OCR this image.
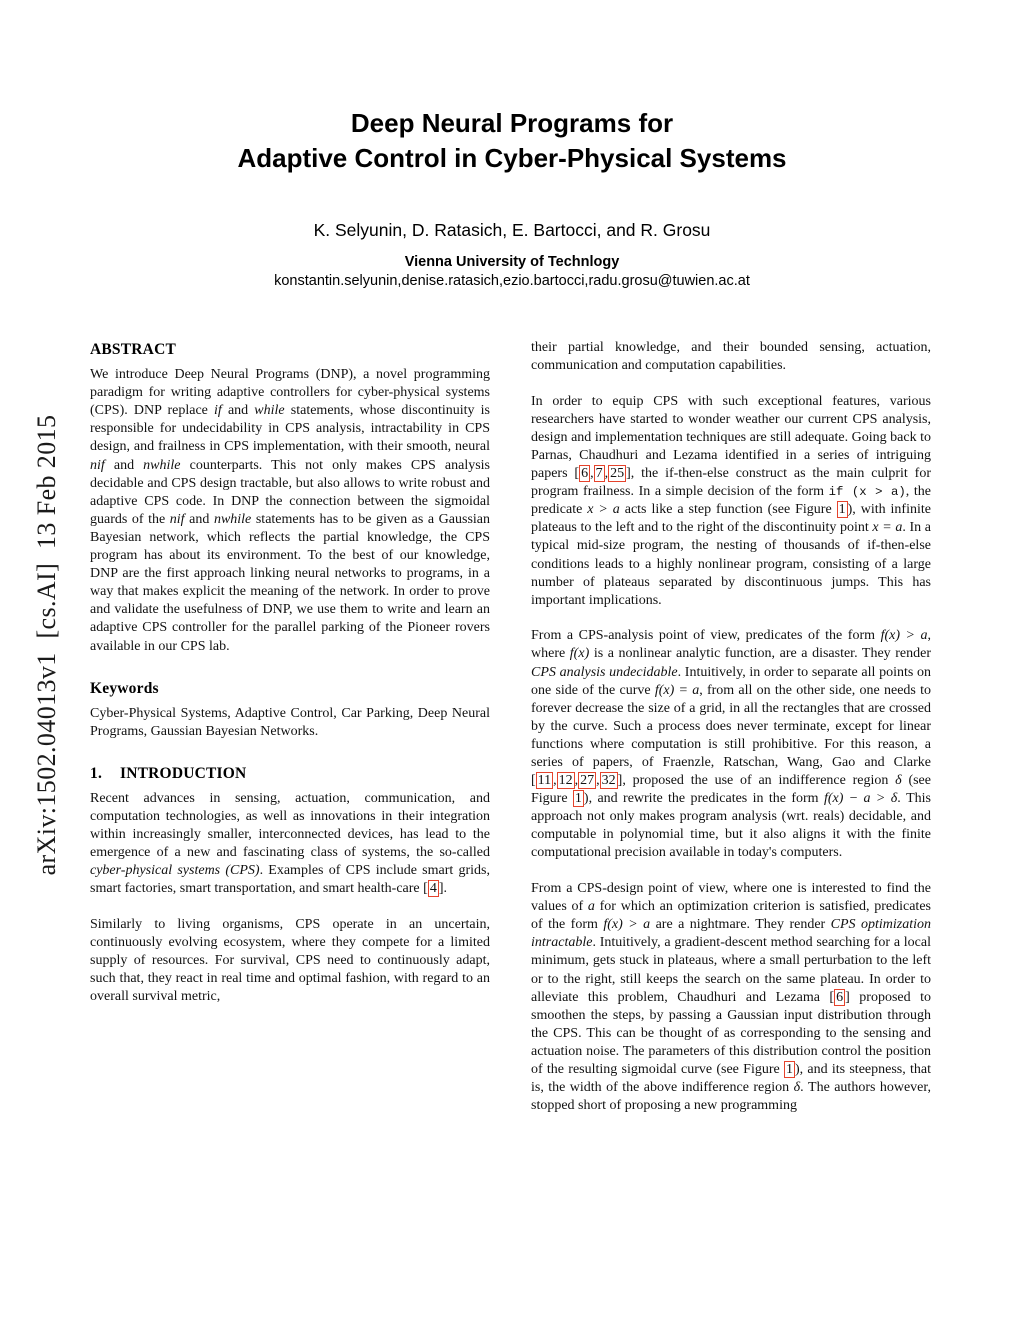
arXiv:1502.04013v1  [cs.AI]  13 Feb 2015
Deep Neural Programs for
Adaptive Control in Cyber-Physical Systems
K. Selyunin, D. Ratasich, E. Bartocci, and R. Grosu
Vienna University of Technlogy
konstantin.selyunin,denise.ratasich,ezio.bartocci,radu.grosu@tuwien.ac.at
ABSTRACT

We introduce Deep Neural Programs (DNP), a novel programming paradigm for writing adaptive controllers for cyber-physical systems (CPS). DNP replace if and while statements, whose discontinuity is responsible for undecidability in CPS analysis, intractability in CPS design, and frailness in CPS implementation, with their smooth, neural nif and nwhile counterparts. This not only makes CPS analysis decidable and CPS design tractable, but also allows to write robust and adaptive CPS code. In DNP the connection between the sigmoidal guards of the nif and nwhile statements has to be given as a Gaussian Bayesian network, which reflects the partial knowledge, the CPS program has about its environment. To the best of our knowledge, DNP are the first approach linking neural networks to programs, in a way that makes explicit the meaning of the network. In order to prove and validate the usefulness of DNP, we use them to write and learn an adaptive CPS controller for the parallel parking of the Pioneer rovers available in our CPS lab.

Keywords

Cyber-Physical Systems, Adaptive Control, Car Parking, Deep Neural Programs, Gaussian Bayesian Networks.

1. INTRODUCTION

Recent advances in sensing, actuation, communication, and computation technologies, as well as innovations in their integration within increasingly smaller, interconnected devices, has lead to the emergence of a new and fascinating class of systems, the so-called cyber-physical systems (CPS). Examples of CPS include smart grids, smart factories, smart transportation, and smart health-care [ 4 ].

Similarly to living organisms, CPS operate in an uncertain, continuously evolving ecosystem, where they compete for a limited supply of resources. For survival, CPS need to continuously adapt, such that, they react in real time and optimal fashion, with regard to an overall survival metric,

their partial knowledge, and their bounded sensing, actuation, communication and computation capabilities.

In order to equip CPS with such exceptional features, various researchers have started to wonder weather our current CPS analysis, design and implementation techniques are still adequate. Going back to Parnas, Chaudhuri and Lezama identified in a series of intriguing papers [ 6 , 7 , 25 ], the if-then-else construct as the main culprit for program frailness. In a simple decision of the form if (x > a), the predicate x > a acts like a step function (see Figure 1 ), with infinite plateaus to the left and to the right of the discontinuity point x = a. In a typical mid-size program, the nesting of thousands of if-then-else conditions leads to a highly nonlinear program, consisting of a large number of plateaus separated by discontinuous jumps. This has important implications.

From a CPS-analysis point of view, predicates of the form f(x) > a, where f(x) is a nonlinear analytic function, are a disaster. They render CPS analysis undecidable. Intuitively, in order to separate all points on one side of the curve f(x) = a, from all on the other side, one needs to forever decrease the size of a grid, in all the rectangles that are crossed by the curve. Such a process does never terminate, except for linear functions where computation is still prohibitive. For this reason, a series of papers, of Fraenzle, Ratschan, Wang, Gao and Clarke [ 11 , 12 , 27 , 32 ], proposed the use of an indifference region δ (see Figure 1 ), and rewrite the predicates in the form f(x) − a > δ. This approach not only makes program analysis (wrt. reals) decidable, and computable in polynomial time, but it also aligns it with the finite computational precision available in today's computers.

From a CPS-design point of view, where one is interested to find the values of a for which an optimization criterion is satisfied, predicates of the form f(x) > a are a nightmare. They render CPS optimization intractable. Intuitively, a gradient-descent method searching for a local minimum, gets stuck in plateaus, where a small perturbation to the left or to the right, still keeps the search on the same plateau. In order to alleviate this problem, Chaudhuri and Lezama [ 6 ] proposed to smoothen the steps, by passing a Gaussian input distribution through the CPS. This can be thought of as corresponding to the sensing and actuation noise. The parameters of this distribution control the position of the resulting sigmoidal curve (see Figure 1 ), and its steepness, that is, the width of the above indifference region δ. The authors however, stopped short of proposing a new programming
